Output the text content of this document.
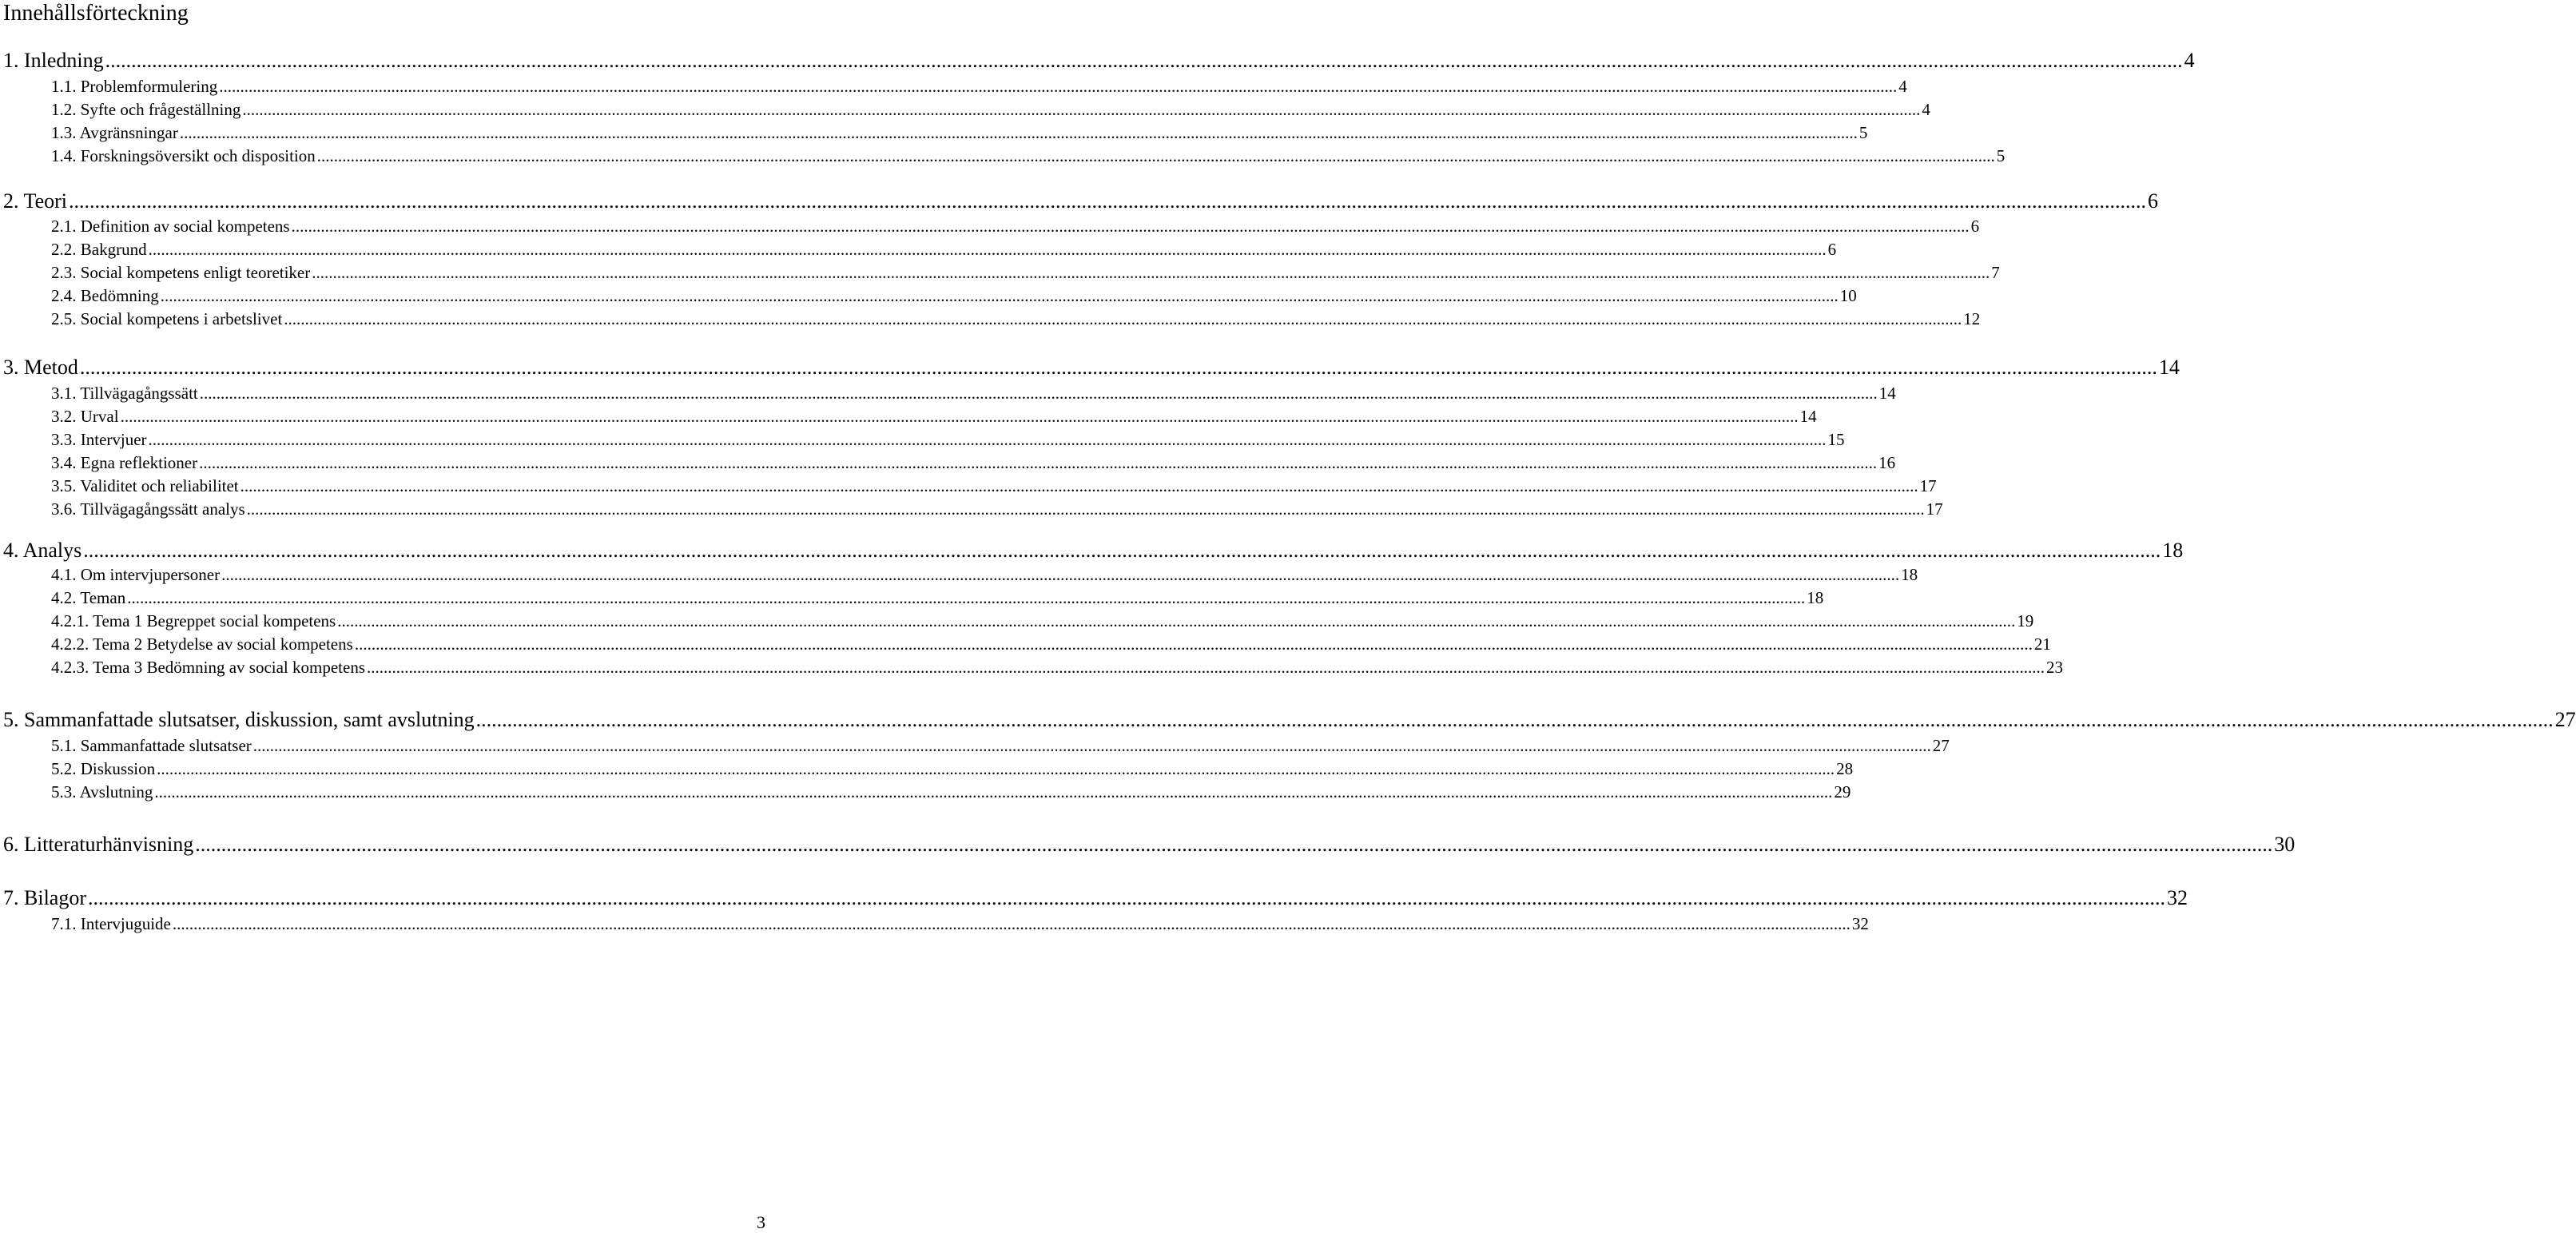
Innehållsförteckning
1. Inledning ................................................................................................................................................................................................................................................................................................................................................................................................................ 4
1.1. Problemformulering ................................................................................................................................................................................................................................................................................................................................................................................................................ 4
1.2. Syfte och frågeställning ................................................................................................................................................................................................................................................................................................................................................................................................................ 4
1.3. Avgränsningar ................................................................................................................................................................................................................................................................................................................................................................................................................ 5
1.4. Forskningsöversikt och disposition ................................................................................................................................................................................................................................................................................................................................................................................................................ 5
2. Teori ................................................................................................................................................................................................................................................................................................................................................................................................................ 6
2.1. Definition av social kompetens ................................................................................................................................................................................................................................................................................................................................................................................................................ 6
2.2. Bakgrund ................................................................................................................................................................................................................................................................................................................................................................................................................ 6
2.3. Social kompetens enligt teoretiker ................................................................................................................................................................................................................................................................................................................................................................................................................ 7
2.4. Bedömning ................................................................................................................................................................................................................................................................................................................................................................................................................ 10
2.5. Social kompetens i arbetslivet ................................................................................................................................................................................................................................................................................................................................................................................................................ 12
3. Metod ................................................................................................................................................................................................................................................................................................................................................................................................................ 14
3.1. Tillvägagångssätt ................................................................................................................................................................................................................................................................................................................................................................................................................ 14
3.2. Urval ................................................................................................................................................................................................................................................................................................................................................................................................................ 14
3.3. Intervjuer ................................................................................................................................................................................................................................................................................................................................................................................................................ 15
3.4. Egna reflektioner ................................................................................................................................................................................................................................................................................................................................................................................................................ 16
3.5. Validitet och reliabilitet ................................................................................................................................................................................................................................................................................................................................................................................................................ 17
3.6. Tillvägagångssätt analys ................................................................................................................................................................................................................................................................................................................................................................................................................ 17
4. Analys ................................................................................................................................................................................................................................................................................................................................................................................................................ 18
4.1. Om intervjupersoner ................................................................................................................................................................................................................................................................................................................................................................................................................ 18
4.2. Teman ................................................................................................................................................................................................................................................................................................................................................................................................................ 18
4.2.1. Tema 1 Begreppet social kompetens ................................................................................................................................................................................................................................................................................................................................................................................................................ 19
4.2.2. Tema 2 Betydelse av social kompetens ................................................................................................................................................................................................................................................................................................................................................................................................................ 21
4.2.3. Tema 3 Bedömning av social kompetens ................................................................................................................................................................................................................................................................................................................................................................................................................ 23
5. Sammanfattade slutsatser, diskussion, samt avslutning ................................................................................................................................................................................................................................................................................................................................................................................................................ 27
5.1. Sammanfattade slutsatser ................................................................................................................................................................................................................................................................................................................................................................................................................ 27
5.2. Diskussion ................................................................................................................................................................................................................................................................................................................................................................................................................ 28
5.3. Avslutning ................................................................................................................................................................................................................................................................................................................................................................................................................ 29
6. Litteraturhänvisning ................................................................................................................................................................................................................................................................................................................................................................................................................ 30
7. Bilagor ................................................................................................................................................................................................................................................................................................................................................................................................................ 32
7.1. Intervjuguide ................................................................................................................................................................................................................................................................................................................................................................................................................ 32
3
